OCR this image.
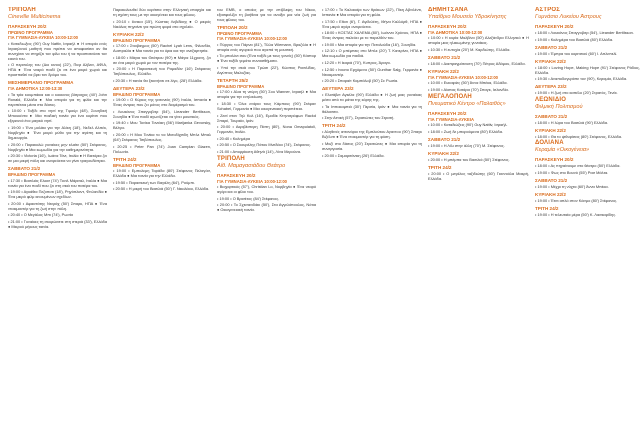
ΤΡΙΠΟΛΗ
Cineville Multicinema
ΠΑΡΑΣΚΕΥΗ 20/2
ΠΡΩΙΝΟ ΠΡΟΓΡΑΜΜΑ
ΓΙΑ ΓΥΜΝΑΣΙΑ-ΛΥΚΕΙΑ 10:00-12:00
• Καταδιωξεις (90') Guy Nattiv, Ισραήλ ● Η ιστορία ενός Ισραηλινού μαθητή που πρέπει να αποφασίσει αν θα συνεχίσει να στηρίζει τον φίλο του ή να προστατεύσει τον εαυτό του.
• Ο περσολης του (Διο κινου) (22'), Πιερ Αλβειν, ΑΦΙΑ, ΗΠΑ ● Ένα νεαρό παιδί ζει σε ένα μικρό χωριό και προσπαθεί να βρει τον δρόμο του.
ΜΕΣΗΜΕΡΙΑΝΟ ΠΡΟΓΡΑΜΜΑ
ΓΙΑ ΔΗΜΟΤΙΚΑ 12:00-13:30
• Τα τρία κουμπάκια και ο κοκκινος βάτραχος (40') John Ronald, Ελλάδα ● Μια ιστορία για τη φιλία και την περιπέτεια μέσα στο δάσος.
• 10:00 • Ταξίδι στο νησί της Τιμούρ (48'), Σουηδική Μπουκέντα ● Μια παιδική ταινία για ένα κορίτσι που εξερευνά ένα μαγικό νησί.
• 19:00 • Ένα μυλάκι για την Αλίκη (18'), Νεδελ Αλπέκ, Νορβηγία ● Ένα μικρό μύθο για την αγάπη και τη δημιουργία.
• 20:00 • Παρακαλώ γυναίκες μην κλαίτε (50') Στέφανος, Νορβηγία ● Μια κωμωδία για την καθημερινότητα.
• 20:30 • Victoria (16'), Ιωάνα Τάνι, Ιταλία ● Η Βικτόρια ζει σε μια μικρή πόλη και ονειρεύεται να γίνει τραγουδίστρια.
ΣΑΒΒΑΤΟ 21/2
ΒΡΑΔΙΝΟ ΠΡΟΓΡΑΜΜΑ
• 17:30 • Βασιλιάς Ελιασ (74') Τονιλ Μάρσαλ, Ιταλία ● Μια ταινία για ένα παιδί που ζει στη σκιά του πατέρα του.
• 19:00 • Αγκάθια Πεζοποτι (18'), Ρηγόπλαντ, Φινλανδία ● Ένα μικρό φιλμ κινουμένων σχεδίων.
• 20:00 • Αφαιντάτης Ντεράχ (50') Σπαρκ, ΗΠΑ ● Ένα ντοκιμαντέρ για τη ζωή στην πόλη.
• 20:40 • Ο Μεγάλος Μπι (74'), Ρωσία
• 21:00 • Γυναίκες τη σκυρώσετε στη στεριά (33'), Ελλάδα ● Μικρού μήκους ταινία.
Παρακολουθεί δύο κορίτσια στην Ελληνική επαρχία και τη σχέση τους με την οικογένεια και τους φίλους.
• 20:10 • Ιόνικοι (15'), Κώστας Λεβιδίκης ● Ο μικρός Νικόλας πηγαίνει για πρώτη φορά στο σχολείο.
ΚΥΡΙΑΚΗ 22/2
ΒΡΑΔΙΝΟ ΠΡΟΓΡΑΜΜΑ
• 17:00 • Στοιβαγμος (50') Rachel Lyah Lens, Φιλανδία, Αυστραλία ● Μια ταινία για τα όρια και την ανεξαρτησία.
• 18:00 • Μάγια του Θεάτρου (90') ● Μάγια 11χρονη, ζει σε ένα μικρό χωριό με τον πατέρα της.
• 20:00 • Η Παρασκευή του Ραμαδάν (16') Στέφανος Τσιβόπουλος, Ελλάδα.
• 20:30 • Η ταινία θα ξεκινήσει σε λίγο, (28') Ελλάδα.
ΔΕΥΤΕΡΑ 23/2
ΒΡΑΔΙΝΟ ΠΡΟΓΡΑΜΜΑ
• 19:00 • Ο Κύριος της γειτονιάς (90') Ιταλία, Ισπανία ● Ένας άντρας που ζει μόνος στο διαμέρισμά του.
• Λουκάνος Σπαγγοβιτρ (54'), Lieander Bertilsson, Σουηδία ● Ένα παιδί αγωνίζεται να γίνει μουσικός.
• 19:40 • Μου Τονίκα Τονιάκη (56') Marijanka Gevorsky, Βέλγιο.
• 20:00 • Η Μου Τονίκα το να Μισοδίχσιδη Μπλε Μπαλ (64') Στέφανος Τσιβόπουλος.
• 20:25 • Peter Pan (74') Joan Camplan Glazen, Πολωνία.
ΤΡΙΤΗ 24/2
ΒΡΑΔΙΝΟ ΠΡΟΓΡΑΜΜΑ
• 19:00 • Εμπολεμη Ταράδα (80') Στέφανος Πελαγόσ, Ελλάδα ● Μια ταινία για την Ελλάδα.
• 19:50 • Παρασκευή των Βαγάλη (64'), Ρούμπι.
• 20:50 • Η μικρή του Βασιλιά (50') Γ. Νικολάου, Ελλάδα.
του ΕΜΒ, ο οποίος με την επίβλεψη του Νίκου, εξασφαλίζει τη βοήθεια για να ανοίξει μια νέα ζωή για τους φίλους του.
ΤΡΙΠΟΛΗ 20/2
ΠΡΩΙΝΟ ΠΡΟΓΡΑΜΜΑ
ΓΙΑ ΓΥΜΝΑΣΙΑ-ΛΥΚΕΙΑ 10:00-12:00
• Πύργος του Πάρνα (81'), Τίλλα Wiemann, Βραζιλία ● Η ιστορία ενός αγοριού που αγαπά τη μουσική.
• Το μπαλόνι σου (Ένα ταξίδι με τους γονείς) (50') Κάστορ ● Ένα ταξίδι γεμάτο συναισθήματα.
• Υπό την σκιά σου Τρώσι (22'), Κώστας Ρασιλίδας, Αιγύπτος Μαλαζίας.
ΤΕΤΑΡΤΗ 25/2
ΒΡΑΔΙΝΟ ΠΡΟΓΡΑΜΜΑ
• 17:00 • Αλια τη νεύρη (50') Σου Wanner, Ισραήλ ● Μια ιστορία για την ενηλικίωση.
• 18:30 • Όλοι ενάρια τους Κάμπους (90') Στέφαν Schabel, Γερμανία ● Μια οικογενειακή περιπέτεια.
• Ζεσί στον Τηλ Κολ (16'), Εμαδίκ Κτηνοτρόφων Rackd Σπαριί, Τουρκία, Ιράν.
• 20:00 • Ακριβέστερη Πίστη (80'), Nona Omapulatoli, Γερμανία, Ιταλία.
• 20:40 • Καλημέρα
• 20:50 • Ο Σκουρέλης Πάτου Μνεδάοι (74'), Στέφανος.
• 21:00 • Απορρίκοτη Αθηνά (14'), Λίνα Μερούνα.
ΤΡΙΠΟΛΗ
Αίθ. Μαμαγασιάδου Θεάτρο
ΠΑΡΑΣΚΕΥΗ 20/2
ΓΙΑ ΓΥΜΝΑΣΙΑ-ΛΥΚΕΙΑ 10:00-12:00
• Βιοχαρτικός (57'), Christian Lo, Νορβηγία ● Ένα νεαρό αγόρι και οι φίλοι του.
• 19:00 • Ο Βρισέτος (84') Στέφανος.
• 20:00 • Το Σχεσανιδάκι (50'), Στα Αγγελόπουλος, Νότια ● Οικογενειακή ταινία.
• 17:00 • Το Καλοκαίρι των θράκων (22'), Πίκη Αβνιλέντι, Ισπανία ● Μια ιστορία για τη φιλία.
• 17:50 • Elton (6'), Γ. Αγιδελέτη, Ιθήνα Καλλόρθ, ΗΠΑ ● Ένα μικρό αγόρι ονειρεύεται.
• 18:00 • ΚΟΣΤΑΣ ΧΑΛΕΜΑ (80'), Ιωάννα Χρόνου, ΗΠΑ ● Ένας άντρας παλεύει με το παρελθόν του.
• 19:00 • Μια ιστορία για την Πεταλούδα (16'), Σουηδία.
• 12:10 • Ο μπέμπεις στο Μπλε (20') Τ. Κατερίνα, ΗΠΑ ● Μια κωμωδία για παιδιά.
• 12:20 • Η Ικαριά (70'), Κυπρος, Άραγο.
• 12:50 • Ινκοτο Ερχόμενο (50') Gunthar Salg, Γερμανία ● Ντοκιμαντέρ.
• 20:20 • Σπαραίτ Καμπάλοβ (50') Σε Ρωσία.
ΔΕΥΤΕΡΑ 23/2
• Ελισάβετ Αγκέλα (90') Ελλάδα ● Η ζωή μιας γυναίκας μέσα από τα μάτια της κόρης της.
• Τα Ιπποκαμπιά (30') Περσία, Ιράν ● Μια ταινία για τη θάλασσα.
• Στην Αττική (57'), Στρατιώτες του Στρατή.
ΤΡΙΤΗ 24/2
• Αληθινές αττονάροι της Εμπλούτου Αγαντου (90') Σπαγκ Βιζέλντι ● Ένα ντοκιμαντέρ για τη φύση.
• Μαζί στο δάσος (20') Στρατιώτες ● Μια ιστορία για τη συνεργασία.
• 20:00 • Σαμαριτάνικη (26') Ελλάδα.
ΔΗΜΗΤΣΑΝΑ
Υπαίθριο Μουσείο Υδροκίνησης
ΠΑΡΑΣΚΕΥΗ 20/2
ΓΙΑ ΔΗΜΟΤΙΚΑ 10:00-12:00
• 10:00 • Η κυρία Μαλβίνα (50') Αλεξάνδρα Ελληνικό ● Η ιστορία μιας ηλικιωμένης γυναίκας.
• 10:30 • Η ευτυχία (20') Μ. Καρδιώτης, Ελλάδα.
ΣΑΒΒΑΤΟ 21/2
• 18:00 • Διαπραγμάτευση (70') Πέτρος Αδάμου, Ελλάδα.
ΚΥΡΙΑΚΗ 22/2
ΓΙΑ ΓΥΜΝΑΣΙΑ-ΛΥΚΕΙΑ 10:00-12:00
• 10:00 • Ευκαιρίες (50') Άννα Μπέκα, Ελλάδα.
• 19:00 • Αίοπας Κατάρα (70') Σπαγκ, Ισλανδία.
ΜΕΓΑΛΟΠΟΛΗ
Πνευματικό Κέντρο «Παλαιθός»
ΠΑΡΑΣΚΕΥΗ 20/2
ΓΙΑ ΓΥΜΝΑΣΙΑ-ΛΥΚΕΙΑ
• 10:00 • Καταδιώξεις (90') Guy Nattiv, Ισραήλ.
• 18:00 • Ζωή δε μπορούμενα (80') Ελλάδα.
ΣΑΒΒΑΤΟ 21/2
• 19:00 • Η Λίλι στην άλλη (70') Μ. Στέφανος.
ΚΥΡΙΑΚΗ 22/2
• 20:00 • Η μπέμπα του Βασιλιά (50') Στέφανος.
ΤΡΙΤΗ 24/2
• 20:00 • Ο μεγάλος ταξιδιώτης (60') Γιαννούλα Μακρή, Ελλάδα.
ΑΣΤΡΟΣ
Γυμνάσιο Λυκείου Άστρους
ΠΑΡΑΣΚΕΥΗ 20/2
• 18:00 • Λουκάνος Σπαγγοβιτρ (54'), Lieander Bertilsson.
• 19:00 • Καλημέρα του Βασιλιά (80') Ελλάδα.
ΣΑΒΒΑΤΟ 21/2
• 19:00 • Έμπρα του κοριτσιού (60') Ι. Απλεπελί.
ΚΥΡΙΑΚΗ 22/2
• 18:00 • Loving Hope, Making Hope (91') Στέφανος Ράδιος, Ελλάδα.
• 19:30 • Αναποδογυρίστε τον (90'), Κεραμία, Ελλάδα.
ΔΕΥΤΕΡΑ 23/2
• 19:00 • Η ζωή στο καπέλο (20') Στρατός, Τενάι.
ΛΕΩΝΙΔΙΟ
Φιλμική Πολιτισμού
ΣΑΒΒΑΤΟ 21/2
• 18:00 • Η λύρα του Βασιλιά (90') Ελλάδα.
ΚΥΡΙΑΚΗ 22/2
• 18:00 • Θα το ψιθυρίσεις (80') Στέφανος, Ελλάδα.
ΔΟΛΙΑΝΑ
Κεραμία «Οικογένεια»
ΠΑΡΑΣΚΕΥΗ 20/2
• 18:00 • Ας πηγαίνουμε στο θέατρο (50') Ελλάδα.
• 19:00 • Φως στο Βουνό (55') Ρασ Μάλτα.
ΣΑΒΒΑΤΟ 21/2
• 19:00 • Μέχρι τη νύχτα (60') Άννα Μπέκα.
ΚΥΡΙΑΚΗ 22/2
• 19:00 • Έτσι απλό στον Κόσμο (80') Στέφανος.
ΤΡΙΤΗ 24/2
• 19:00 • Η τελευταία μέρα (50') Κ. Λασκαρίδης.
